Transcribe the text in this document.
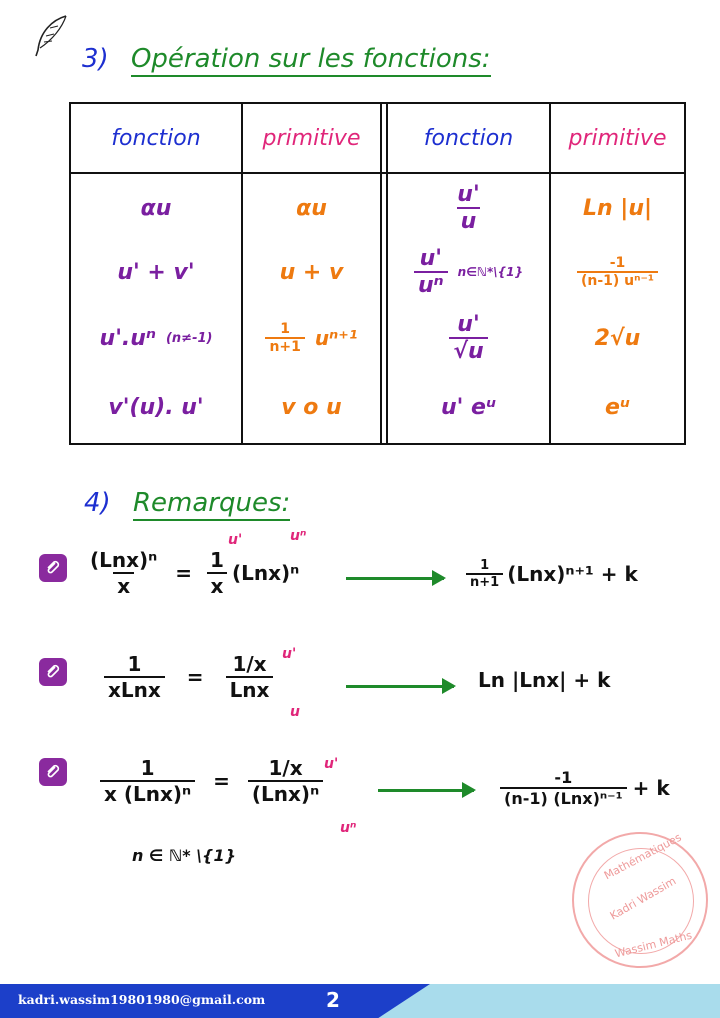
3) Opération sur les fonctions:
fonction	primitive	fonction	primitive
αu	αu	$\frac{u'}{u}$	Ln |u|
u' + v'	u + v	$\frac{u'}{\text{uⁿ}}$ n∈ℕ*\{1}	$\frac{-1}{\text{(n-1) uⁿ⁻¹}}$
u'.uⁿ (n≠-1)	$\frac{1}{n+1} u^{n+1}$	$\frac{u'}{√u}$	2√u
v'(u). u'	v o u	u' eᵘ	eᵘ
4) Remarques:
$\frac{\text{(Lnx)ⁿ}}{x} = \frac{1}{x} (Lnx)^n$
u'	uⁿ
$\frac{1}{n+1} (Lnx)^{n+1} + k$
$\frac{1}{\text{xLnx}} = \frac{1/x}{\text{Lnx}} u'$
u
Ln |Lnx| + k
$\frac{1}{\text{x (Lnx)ⁿ}} = \frac{1/x}{\text{(Lnx)ⁿ}} u'$
uⁿ
$\frac{-1}{\text{(n-1) (Lnx)ⁿ⁻¹}} + k$
n ∈ ℕ* \{1}	Mathématiques
Kadri Wassim
Wassim Maths
kadri.wassim19801980@gmail.com	2
